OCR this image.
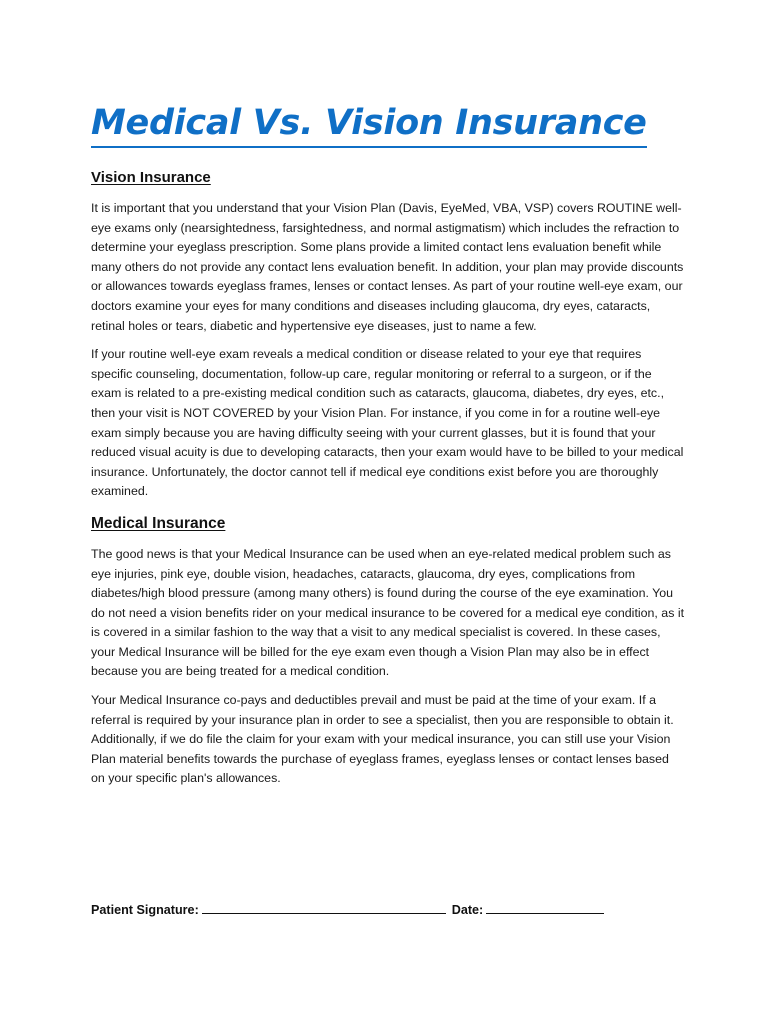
Medical Vs. Vision Insurance
Vision Insurance

It is important that you understand that your Vision Plan (Davis, EyeMed, VBA, VSP) covers ROUTINE well-eye exams only (nearsightedness, farsightedness, and normal astigmatism) which includes the refraction to determine your eyeglass prescription. Some plans provide a limited contact lens evaluation benefit while many others do not provide any contact lens evaluation benefit. In addition, your plan may provide discounts or allowances towards eyeglass frames, lenses or contact lenses. As part of your routine well-eye exam, our doctors examine your eyes for many conditions and diseases including glaucoma, dry eyes, cataracts, retinal holes or tears, diabetic and hypertensive eye diseases, just to name a few.

If your routine well-eye exam reveals a medical condition or disease related to your eye that requires specific counseling, documentation, follow-up care, regular monitoring or referral to a surgeon, or if the exam is related to a pre-existing medical condition such as cataracts, glaucoma, diabetes, dry eyes, etc., then your visit is NOT COVERED by your Vision Plan. For instance, if you come in for a routine well-eye exam simply because you are having difficulty seeing with your current glasses, but it is found that your reduced visual acuity is due to developing cataracts, then your exam would have to be billed to your medical insurance. Unfortunately, the doctor cannot tell if medical eye conditions exist before you are thoroughly examined.

Medical Insurance

The good news is that your Medical Insurance can be used when an eye-related medical problem such as eye injuries, pink eye, double vision, headaches, cataracts, glaucoma, dry eyes, complications from diabetes/high blood pressure (among many others) is found during the course of the eye examination. You do not need a vision benefits rider on your medical insurance to be covered for a medical eye condition, as it is covered in a similar fashion to the way that a visit to any medical specialist is covered. In these cases, your Medical Insurance will be billed for the eye exam even though a Vision Plan may also be in effect because you are being treated for a medical condition.

Your Medical Insurance co-pays and deductibles prevail and must be paid at the time of your exam. If a referral is required by your insurance plan in order to see a specialist, then you are responsible to obtain it. Additionally, if we do file the claim for your exam with your medical insurance, you can still use your Vision Plan material benefits towards the purchase of eyeglass frames, eyeglass lenses or contact lenses based on your specific plan's allowances.

Patient Signature:	Date:
